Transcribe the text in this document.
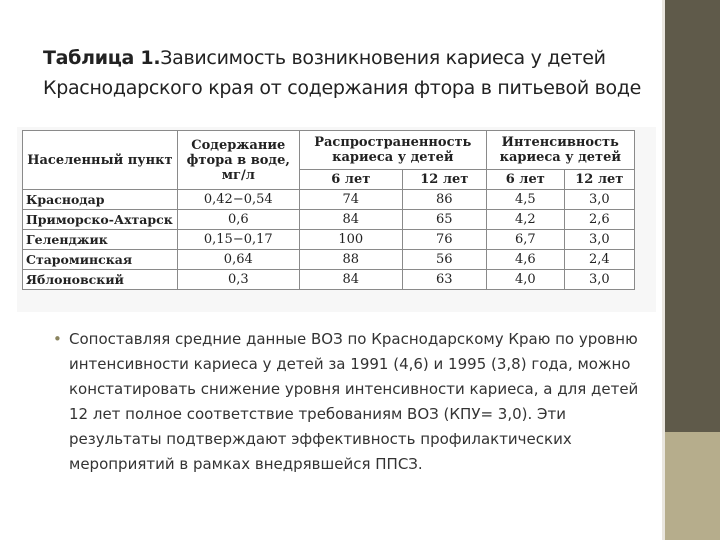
Таблица 1.Зависимость возникновения кариеса у детей Краснодарского края от содержания фтора в питьевой воде
Населенный пункт	Содержание фтора в воде, мг/л	Распространенность кариеса у детей		Интенсивность кариеса у детей	
		6 лет	12 лет	6 лет	12 лет
Краснодар	0,42−0,54	74	86	4,5	3,0
Приморско-Ахтарск	0,6	84	65	4,2	2,6
Геленджик	0,15−0,17	100	76	6,7	3,0
Староминская	0,64	88	56	4,6	2,4
Яблоновский	0,3	84	63	4,0	3,0
• Сопоставляя средние данные ВОЗ по Краснодарскому Краю по уровню интенсивности кариеса у детей за 1991 (4,6) и 1995 (3,8) года, можно констатировать снижение уровня интенсивности кариеса, а для детей 12 лет полное соответствие требованиям ВОЗ (КПУ= 3,0). Эти результаты подтверждают эффективность профилактических мероприятий в рамках внедрявшейся ППСЗ.
